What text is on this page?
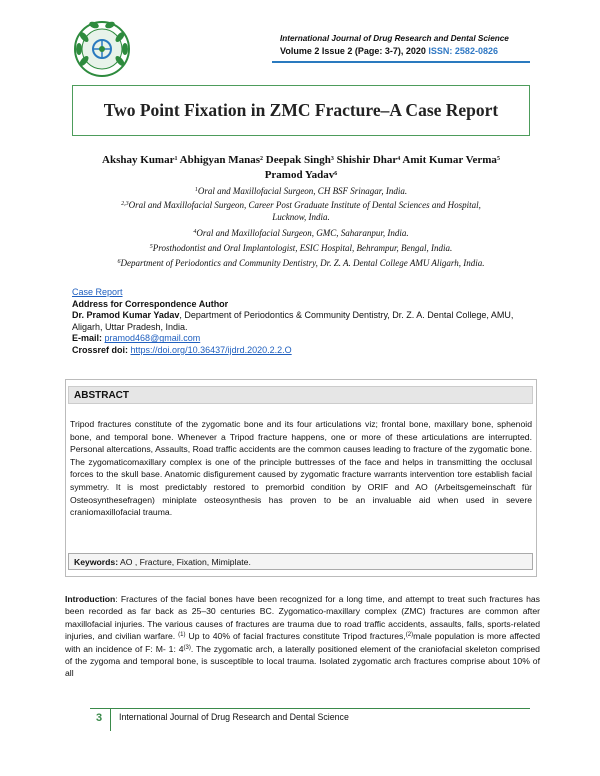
International Journal of Drug Research and Dental Science
Volume 2 Issue 2 (Page: 3-7), 2020 ISSN: 2582-0826
Two Point Fixation in ZMC Fracture–A Case Report
Akshay Kumar$^1$ Abhigyan Manas$^2$ Deepak Singh$^3$ Shishir Dhar$^4$ Amit Kumar Verma$^5$
Pramod Yadav$^6$
$^1$Oral and Maxillofacial Surgeon, CH BSF Srinagar, India.
$^{2,3}$Oral and Maxillofacial Surgeon, Career Post Graduate Institute of Dental Sciences and Hospital,
Lucknow, India.
$^4$Oral and Maxillofacial Surgeon, GMC, Saharanpur, India.
$^5$Prosthodontist and Oral Implantologist, ESIC Hospital, Behrampur, Bengal, India.
$^6$Department of Periodontics and Community Dentistry, Dr. Z. A. Dental College AMU Aligarh, India.
Case Report
Address for Correspondence Author
Dr. Pramod Kumar Yadav, Department of Periodontics & Community Dentistry, Dr. Z. A. Dental College, AMU, Aligarh, Uttar Pradesh, India.
E-mail: pramod468@gmail.com
Crossref doi: https://doi.org/10.36437/ijdrd.2020.2.2.O
ABSTRACT
Tripod fractures constitute of the zygomatic bone and its four articulations viz; frontal bone, maxillary bone, sphenoid bone, and temporal bone. Whenever a Tripod fracture happens, one or more of these articulations are interrupted. Personal altercations, Assaults, Road traffic accidents are the common causes leading to fracture of the zygomatic bone. The zygomaticomaxillary complex is one of the principle buttresses of the face and helps in transmitting the occlusal forces to the skull base. Anatomic disfigurement caused by zygomatic fracture warrants intervention tore establish facial symmetry. It is most predictably restored to premorbid condition by ORIF and AO (Arbeitsgemeinschaft für Osteosynthesefragen) miniplate osteosynthesis has proven to be an invaluable aid when used in severe craniomaxillofacial trauma.
Keywords: AO , Fracture, Fixation, Mimiplate.
Introduction: Fractures of the facial bones have been recognized for a long time, and attempt to treat such fractures has been recorded as far back as 25–30 centuries BC. Zygomatico-maxillary complex (ZMC) fractures are common after maxillofacial injuries. The various causes of fractures are trauma due to road traffic accidents, assaults, falls, sports-related injuries, and civilian warfare. $^{(1)}$ Up to 40% of facial fractures constitute Tripod fractures,$^{(2)}$male population is more affected with an incidence of F: M- 1: 4$^{(3)}$. The zygomatic arch, a laterally positioned element of the craniofacial skeleton comprised of the zygoma and temporal bone, is susceptible to local trauma. Isolated zygomatic arch fractures comprise about 10% of all
3 International Journal of Drug Research and Dental Science
